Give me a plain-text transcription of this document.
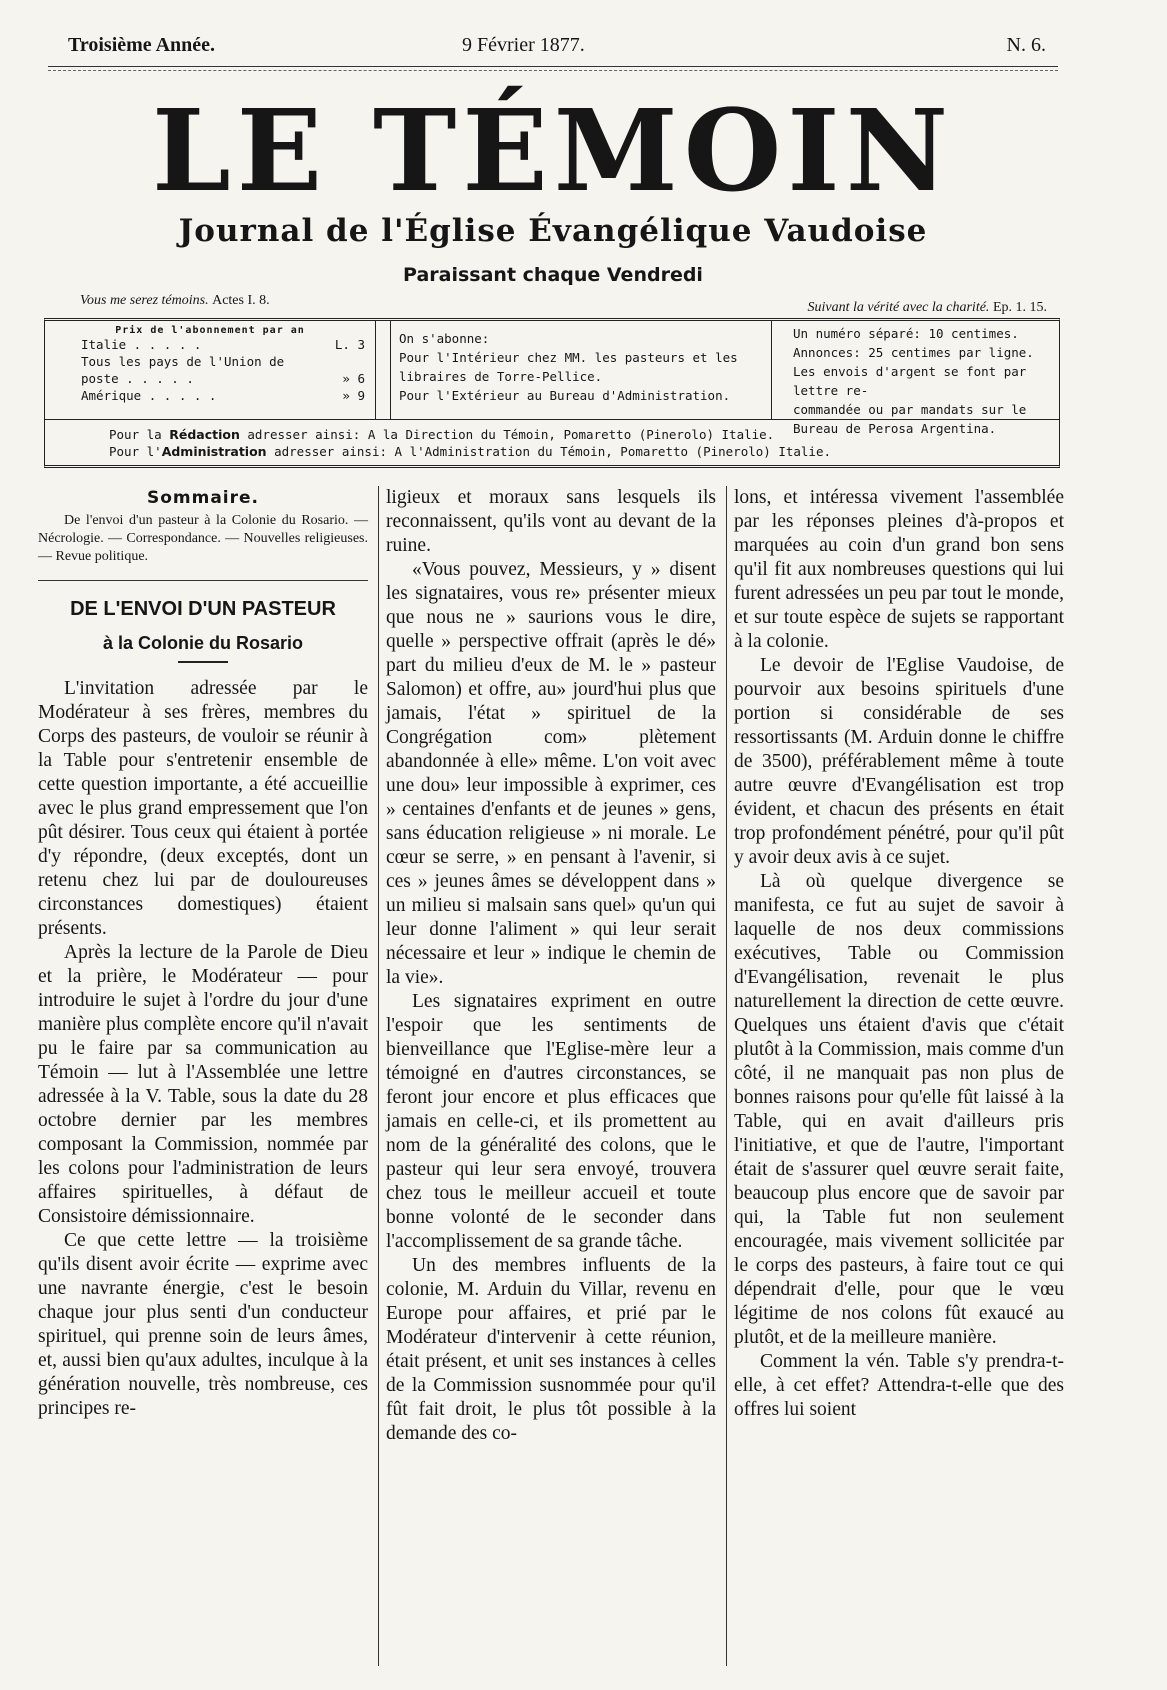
Troisième Année.	9 Février 1877.	N. 6.
LE TÉMOIN
Journal de l'Église Évangélique Vaudoise
Paraissant chaque Vendredi
Vous me serez témoins. Actes I. 8.	Suivant la vérité avec la charité. Ep. 1. 15.
Prix de l'abonnement par an
Italie . . . . .	L. 3
Tous les pays de l'Union de
poste . . . . .	» 6
Amérique . . . . .	» 9
On s'abonne:
Pour l'Intérieur chez MM. les pasteurs et les
libraires de Torre-Pellice.
Pour l'Extérieur au Bureau d'Administration.
Un numéro séparé: 10 centimes.
Annonces: 25 centimes par ligne.
Les envois d'argent se font par lettre re-
commandée ou par mandats sur le
Bureau de Perosa Argentina.
Pour la Rédaction adresser ainsi: A la Direction du Témoin, Pomaretto (Pinerolo) Italie.
Pour l'Administration adresser ainsi: A l'Administration du Témoin, Pomaretto (Pinerolo) Italie.
Sommaire.

De l'envoi d'un pasteur à la Colonie du Rosario. — Nécrologie. — Correspondance. — Nouvelles religieuses. — Revue politique.

DE L'ENVOI D'UN PASTEUR
à la Colonie du Rosario

L'invitation adressée par le Modérateur à ses frères, membres du Corps des pasteurs, de vouloir se réunir à la Table pour s'entretenir ensemble de cette question importante, a été accueillie avec le plus grand empressement que l'on pût désirer. Tous ceux qui étaient à portée d'y répondre, (deux exceptés, dont un retenu chez lui par de douloureuses circonstances domestiques) étaient présents.

Après la lecture de la Parole de Dieu et la prière, le Modérateur — pour introduire le sujet à l'ordre du jour d'une manière plus complète encore qu'il n'avait pu le faire par sa communication au Témoin — lut à l'Assemblée une lettre adressée à la V. Table, sous la date du 28 octobre dernier par les membres composant la Commission, nommée par les colons pour l'administration de leurs affaires spirituelles, à défaut de Consistoire démissionnaire.

Ce que cette lettre — la troisième qu'ils disent avoir écrite — exprime avec une navrante énergie, c'est le besoin chaque jour plus senti d'un conducteur spirituel, qui prenne soin de leurs âmes, et, aussi bien qu'aux adultes, inculque à la génération nouvelle, très nombreuse, ces principes re-

ligieux et moraux sans lesquels ils reconnaissent, qu'ils vont au devant de la ruine.

«Vous pouvez, Messieurs, y » disent les signataires, vous re» présenter mieux que nous ne » saurions vous le dire, quelle » perspective offrait (après le dé» part du milieu d'eux de M. le » pasteur Salomon) et offre, au» jourd'hui plus que jamais, l'état » spirituel de la Congrégation com» plètement abandonnée à elle» même. L'on voit avec une dou» leur impossible à exprimer, ces » centaines d'enfants et de jeunes » gens, sans éducation religieuse » ni morale. Le cœur se serre, » en pensant à l'avenir, si ces » jeunes âmes se développent dans » un milieu si malsain sans quel» qu'un qui leur donne l'aliment » qui leur serait nécessaire et leur » indique le chemin de la vie».

Les signataires expriment en outre l'espoir que les sentiments de bienveillance que l'Eglise-mère leur a témoigné en d'autres circonstances, se feront jour encore et plus efficaces que jamais en celle-ci, et ils promettent au nom de la généralité des colons, que le pasteur qui leur sera envoyé, trouvera chez tous le meilleur accueil et toute bonne volonté de le seconder dans l'accomplissement de sa grande tâche.

Un des membres influents de la colonie, M. Arduin du Villar, revenu en Europe pour affaires, et prié par le Modérateur d'intervenir à cette réunion, était présent, et unit ses instances à celles de la Commission susnommée pour qu'il fût fait droit, le plus tôt possible à la demande des co-

lons, et intéressa vivement l'assemblée par les réponses pleines d'à-propos et marquées au coin d'un grand bon sens qu'il fit aux nombreuses questions qui lui furent adressées un peu par tout le monde, et sur toute espèce de sujets se rapportant à la colonie.

Le devoir de l'Eglise Vaudoise, de pourvoir aux besoins spirituels d'une portion si considérable de ses ressortissants (M. Arduin donne le chiffre de 3500), préférablement même à toute autre œuvre d'Evangélisation est trop évident, et chacun des présents en était trop profondément pénétré, pour qu'il pût y avoir deux avis à ce sujet.

Là où quelque divergence se manifesta, ce fut au sujet de savoir à laquelle de nos deux commissions exécutives, Table ou Commission d'Evangélisation, revenait le plus naturellement la direction de cette œuvre. Quelques uns étaient d'avis que c'était plutôt à la Commission, mais comme d'un côté, il ne manquait pas non plus de bonnes raisons pour qu'elle fût laissé à la Table, qui en avait d'ailleurs pris l'initiative, et que de l'autre, l'important était de s'assurer quel œuvre serait faite, beaucoup plus encore que de savoir par qui, la Table fut non seulement encouragée, mais vivement sollicitée par le corps des pasteurs, à faire tout ce qui dépendrait d'elle, pour que le vœu légitime de nos colons fût exaucé au plutôt, et de la meilleure manière.

Comment la vén. Table s'y prendra-t-elle, à cet effet? Attendra-t-elle que des offres lui soient
